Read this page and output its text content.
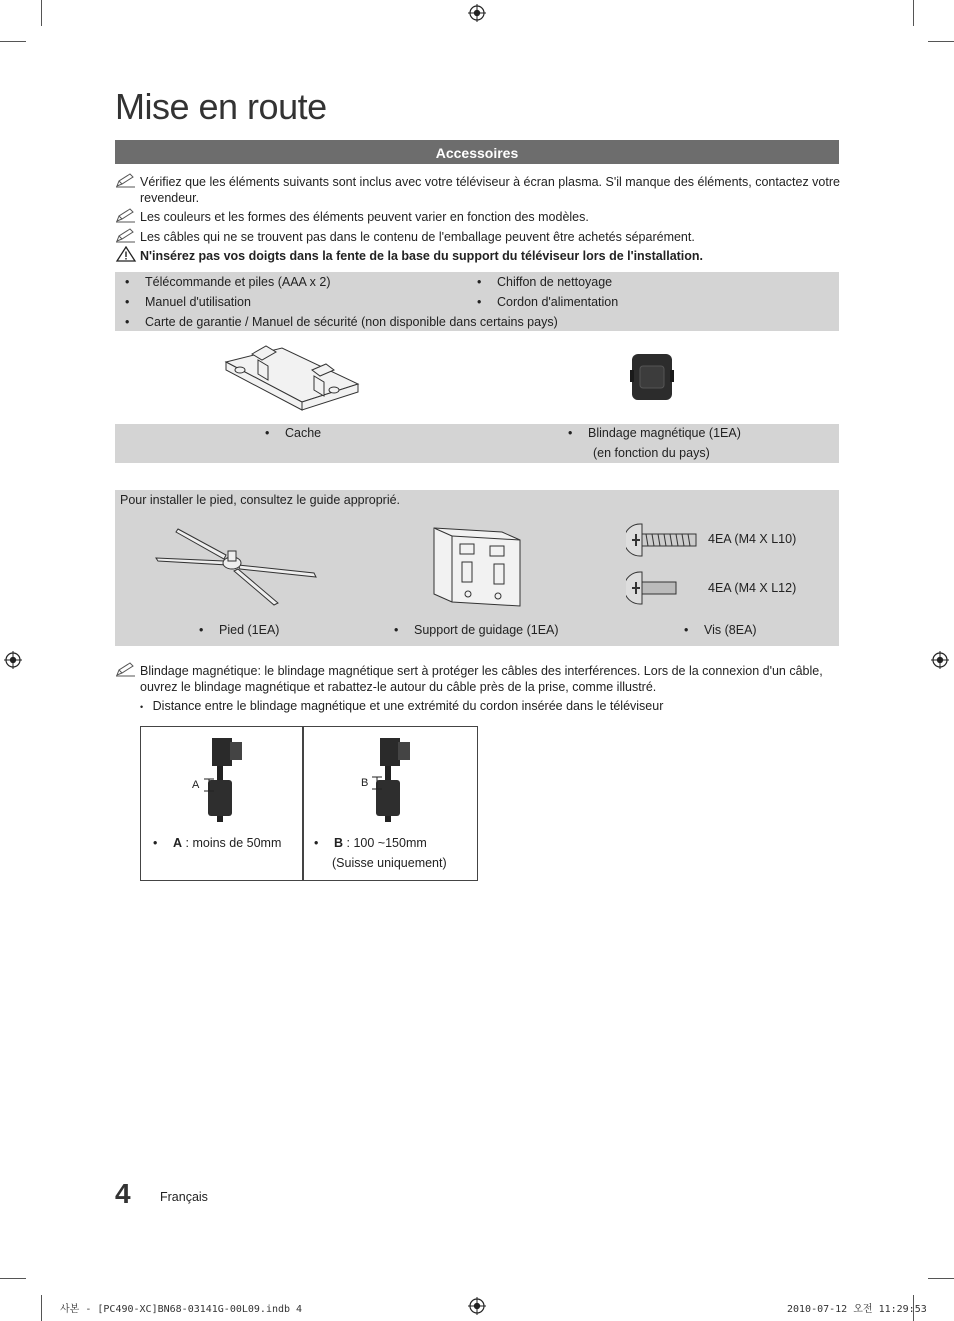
Mise en route
Accessoires
Vérifiez que les éléments suivants sont inclus avec votre téléviseur à écran plasma. S'il manque des éléments, contactez votre revendeur.
Les couleurs et les formes des éléments peuvent varier en fonction des modèles.
Les câbles qui ne se trouvent pas dans le contenu de l'emballage peuvent être achetés séparément.
N'insérez pas vos doigts dans la fente de la base du support du téléviseur lors de l'installation.
• Télécommande et piles (AAA x 2)	• Chiffon de nettoyage
• Manuel d'utilisation	• Cordon d'alimentation
• Carte de garantie / Manuel de sécurité (non disponible dans certains pays)
• Cache	• Blindage magnétique (1EA)
(en fonction du pays)
Pour installer le pied, consultez le guide approprié.
4EA (M4 X L10)
4EA (M4 X L12)
• Pied (1EA)	• Support de guidage (1EA)	• Vis (8EA)
Blindage magnétique: le blindage magnétique sert à protéger les câbles des interférences. Lors de la connexion d'un câble, ouvrez le blindage magnétique et rabattez-le autour du câble près de la prise, comme illustré.
• Distance entre le blindage magnétique et une extrémité du cordon insérée dans le téléviseur
A	B
• A : moins de 50mm	• B : 100 ~150mm
(Suisse uniquement)
4 Français
사본 - [PC490-XC]BN68-03141G-00L09.indb 4	2010-07-12 오전 11:29:53
